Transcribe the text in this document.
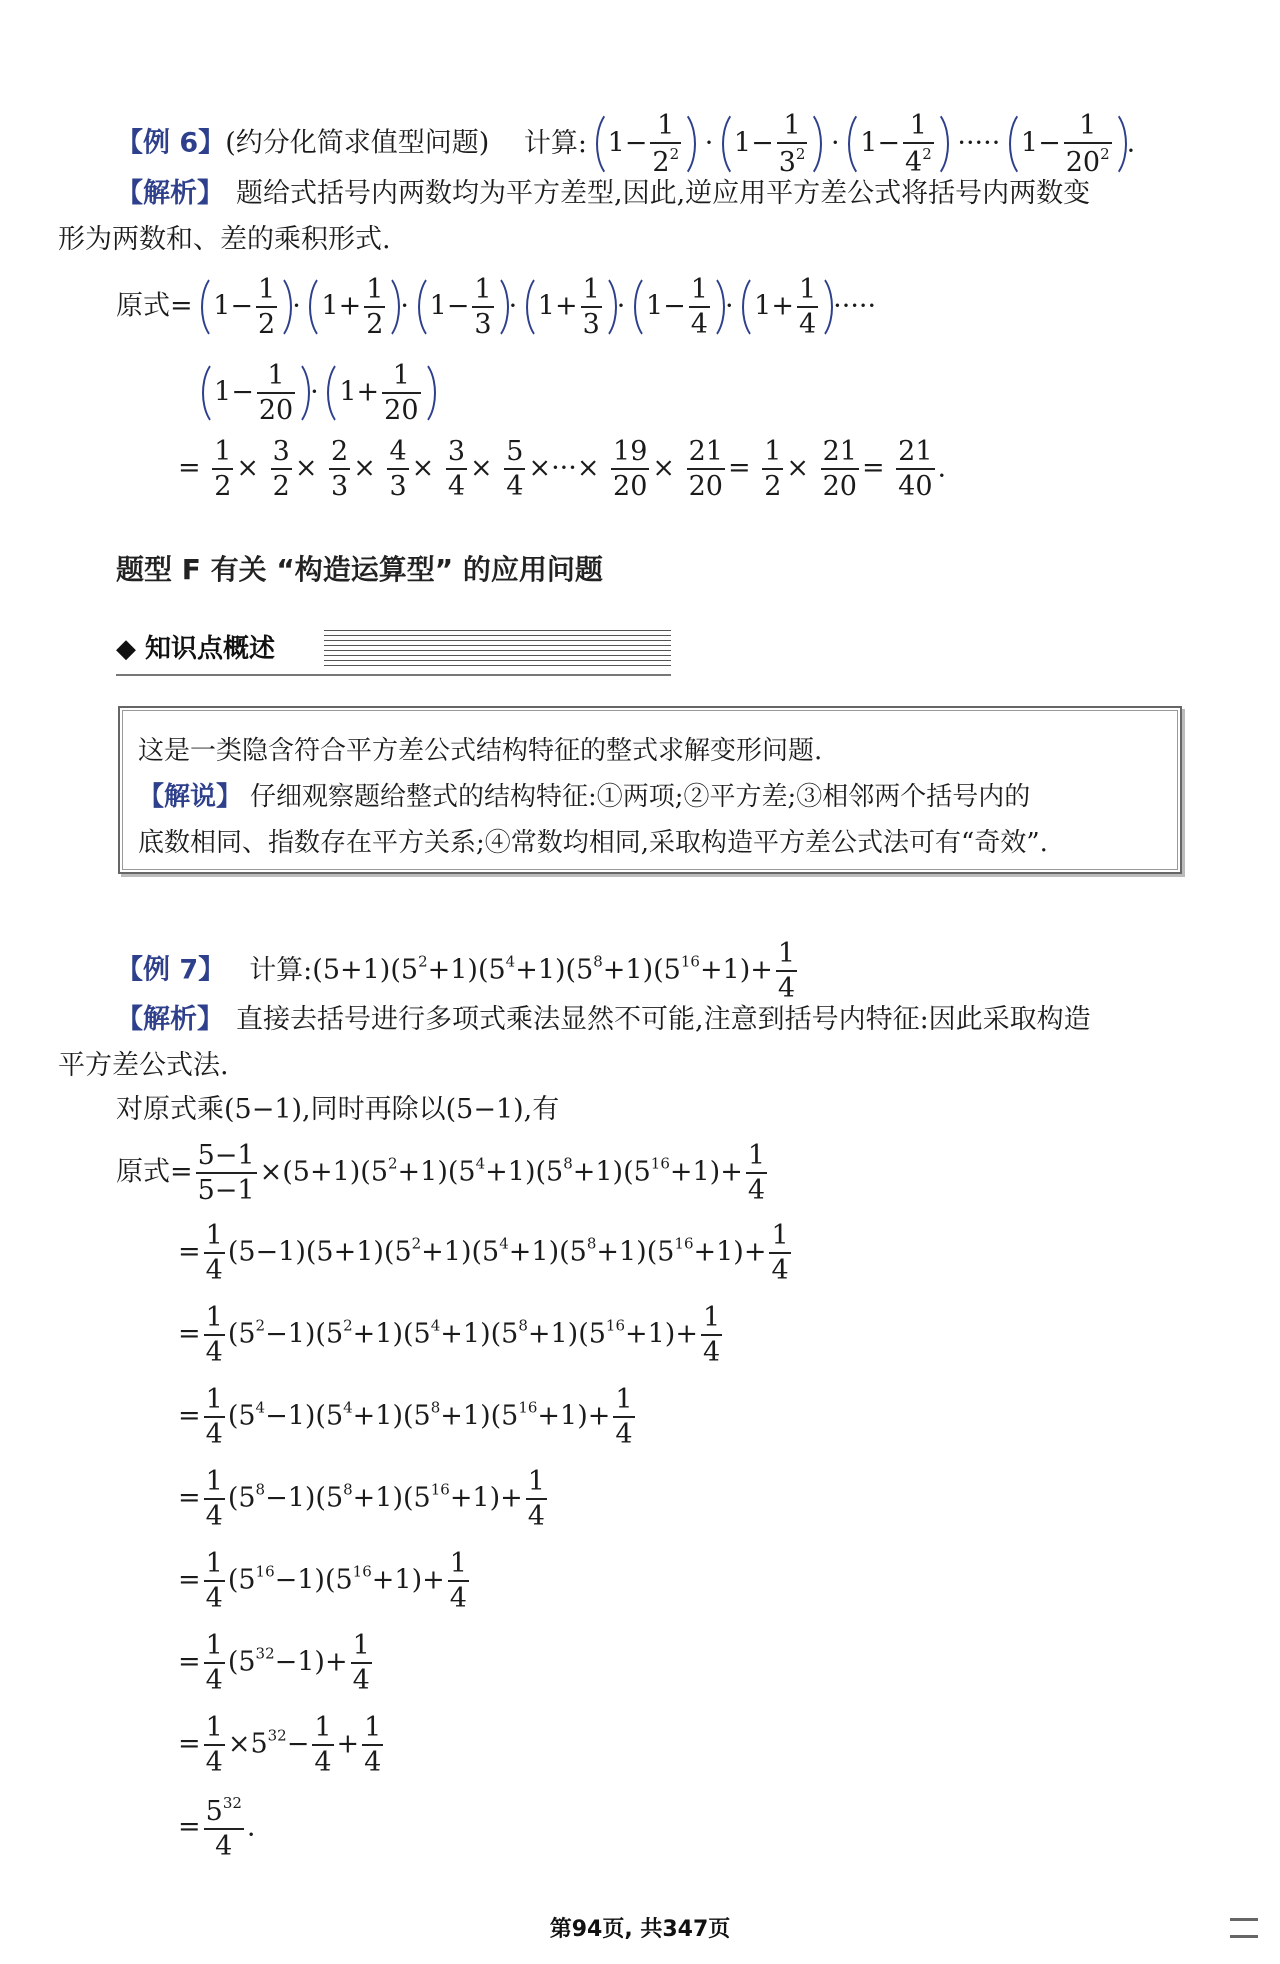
【例 6】(约分化简求值型问题) 计算: $1- \frac{1}{2^2} \cdot 1- \frac{1}{3^2} \cdot 1- \frac{1}{4^2}$ ····· $1- \frac{1}{20^2}$ .
【解析】 题给式括号内两数均为平方差型,因此,逆应用平方差公式将括号内两数变
形为两数和、差的乘积形式.
原式= $1- \frac{1}{2} \cdot 1+ \frac{1}{2} \cdot 1- \frac{1}{3} \cdot 1+ \frac{1}{3} \cdot 1- \frac{1}{4} \cdot 1+ \frac{1}{4}$ ·····
$1- \frac{1}{20} \cdot 1+ \frac{1}{20}$
= $\frac{1}{2} \times \frac{3}{2} \times \frac{2}{3} \times \frac{4}{3} \times \frac{3}{4} \times \frac{5}{4}$ ×···× $\frac{19}{20} \times \frac{21}{20} = \frac{1}{2} \times \frac{21}{20} = \frac{21}{40}$ .
题型 F 有关 “构造运算型” 的应用问题
◆ 知识点概述
这是一类隐含符合平方差公式结构特征的整式求解变形问题.
【解说】 仔细观察题给整式的结构特征:①两项;②平方差;③相邻两个括号内的
底数相同、指数存在平方关系;④常数均相同,采取构造平方差公式法可有“奇效”.
【例 7】 计算$:(5+1)(5^2+1)(5^4+1)(5^8+1)(5^{16}+1)+ \frac{1}{4}$
【解析】 直接去括号进行多项式乘法显然不可能,注意到括号内特征:因此采取构造
平方差公式法.
对原式乘(5−1),同时再除以(5−1),有
原式= $\frac{5-1}{5-1} \times(5+1)(5^2+1)(5^4+1)(5^8+1)(5^{16}+1)+ \frac{1}{4}$
= $\frac{1}{4} (5-1)(5+1)(5^2+1)(5^4+1)(5^8+1)(5^{16}+1)+ \frac{1}{4}$
= $\frac{1}{4} (5^2-1)(5^2+1)(5^4+1)(5^8+1)(5^{16}+1)+ \frac{1}{4}$
= $\frac{1}{4} (5^4-1)(5^4+1)(5^8+1)(5^{16}+1)+ \frac{1}{4}$
= $\frac{1}{4} (5^8-1)(5^8+1)(5^{16}+1)+ \frac{1}{4}$
= $\frac{1}{4} (5^{16}-1)(5^{16}+1)+ \frac{1}{4}$
= $\frac{1}{4} (5^{32}-1)+ \frac{1}{4}$
= $\frac{1}{4} \times 5^{32}- \frac{1}{4} + \frac{1}{4}$
= $\frac{5^{32}}{4}$ .
第94页, 共347页
